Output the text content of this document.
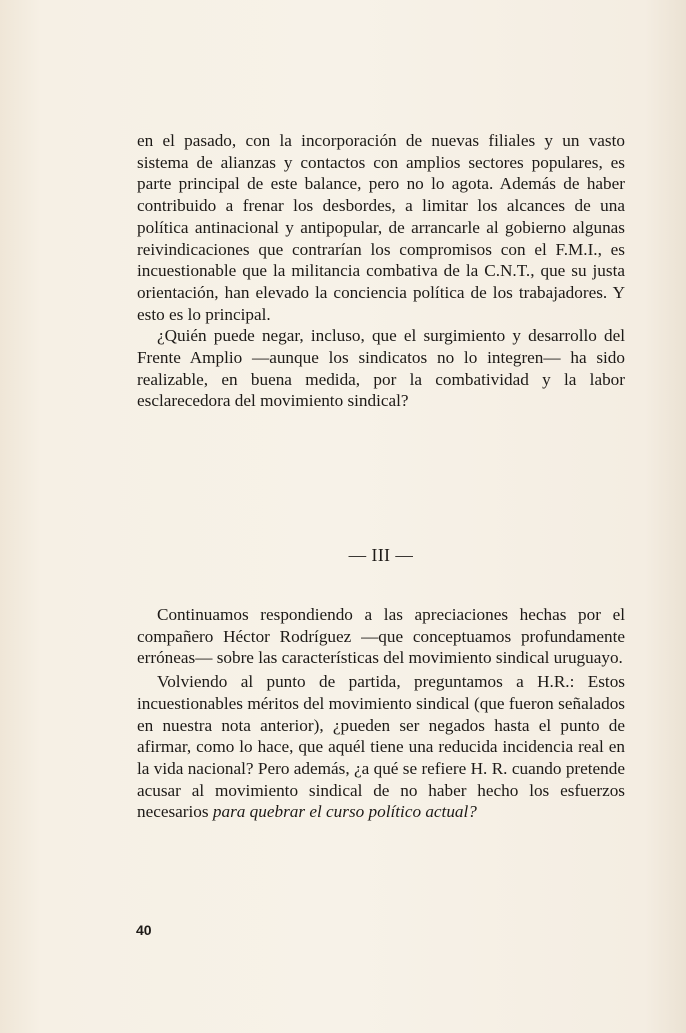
en el pasado, con la incorporación de nuevas filiales y un vasto sistema de alianzas y contactos con amplios sectores populares, es parte principal de este balance, pero no lo agota. Además de haber contribuido a frenar los desbordes, a limitar los alcances de una política antinacional y antipopular, de arrancarle al gobierno algunas reivindicaciones que contrarían los compromisos con el F.M.I., es incuestionable que la militancia combativa de la C.N.T., que su justa orientación, han elevado la conciencia política de los trabajadores. Y esto es lo principal.

¿Quién puede negar, incluso, que el surgimiento y desarrollo del Frente Amplio —aunque los sindicatos no lo integren— ha sido realizable, en buena medida, por la combatividad y la labor esclarecedora del movimiento sindical?

— III —

Continuamos respondiendo a las apreciaciones hechas por el compañero Héctor Rodríguez —que conceptuamos profundamente erróneas— sobre las características del movimiento sindical uruguayo.

Volviendo al punto de partida, preguntamos a H.R.: Estos incuestionables méritos del movimiento sindical (que fueron señalados en nuestra nota anterior), ¿pueden ser negados hasta el punto de afirmar, como lo hace, que aquél tiene una reducida incidencia real en la vida nacional? Pero además, ¿a qué se refiere H. R. cuando pretende acusar al movimiento sindical de no haber hecho los esfuerzos necesarios para quebrar el curso político actual?

40
